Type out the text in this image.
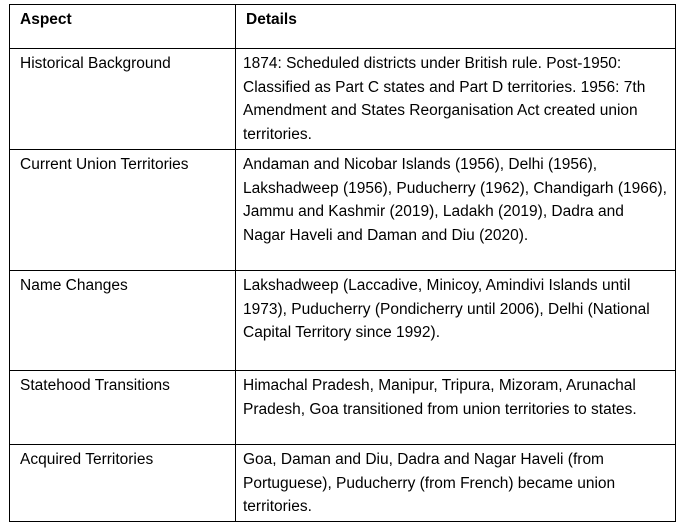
Aspect	Details
Historical Background	1874: Scheduled districts under British rule. Post-1950: Classified as Part C states and Part D territories. 1956: 7th Amendment and States Reorganisation Act created union territories.
Current Union Territories	Andaman and Nicobar Islands (1956), Delhi (1956), Lakshadweep (1956), Puducherry (1962), Chandigarh (1966), Jammu and Kashmir (2019), Ladakh (2019), Dadra and Nagar Haveli and Daman and Diu (2020).
Name Changes	Lakshadweep (Laccadive, Minicoy, Amindivi Islands until 1973), Puducherry (Pondicherry until 2006), Delhi (National Capital Territory since 1992).
Statehood Transitions	Himachal Pradesh, Manipur, Tripura, Mizoram, Arunachal Pradesh, Goa transitioned from union territories to states.
Acquired Territories	Goa, Daman and Diu, Dadra and Nagar Haveli (from Portuguese), Puducherry (from French) became union territories.
